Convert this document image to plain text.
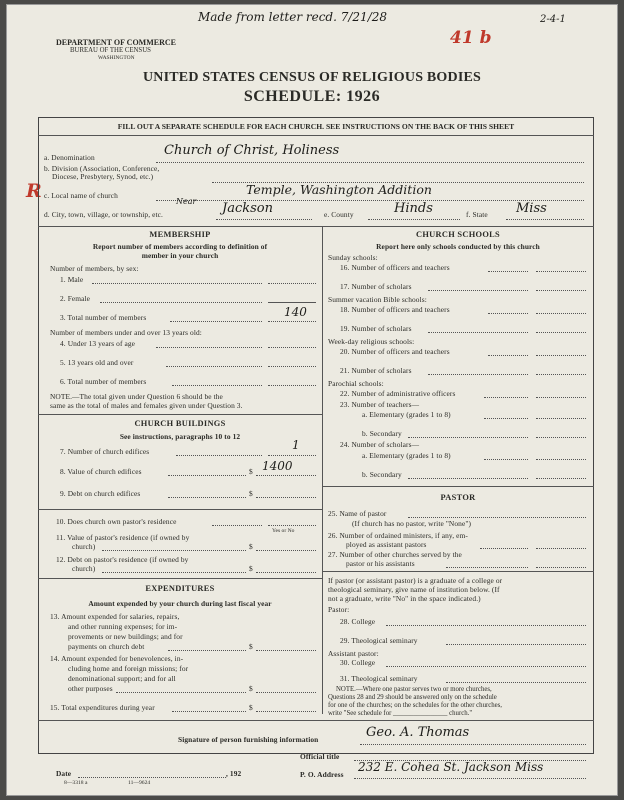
Made from letter recd. 7/21/28
41 b
2-4-1
R
DEPARTMENT OF COMMERCE
BUREAU OF THE CENSUS
WASHINGTON
UNITED STATES CENSUS OF RELIGIOUS BODIES
SCHEDULE: 1926
FILL OUT A SEPARATE SCHEDULE FOR EACH CHURCH. SEE INSTRUCTIONS ON THE BACK OF THIS SHEET
a. Denomination	Church of Christ, Holiness
b. Division (Association, Conference,
Diocese, Presbytery, Synod, etc.)
c. Local name of church	Temple, Washington Addition
d. City, town, village, or township, etc.
Near Jackson	e. County	Hinds	f. State Miss
MEMBERSHIP
Report number of members according to definition of
member in your church
Number of members, by sex:
1. Male
2. Female
3. Total number of members	140
Number of members under and over 13 years old:
4. Under 13 years of age
5. 13 years old and over
6. Total number of members
NOTE.—The total given under Question 6 should be the
same as the total of males and females given under Question 3.
CHURCH BUILDINGS
See instructions, paragraphs 10 to 12
7. Number of church edifices	1
8. Value of church edifices	$ 1400
9. Debt on church edifices	$
10. Does church own pastor's residence
Yes or No
11. Value of pastor's residence (if owned by
church)	$
12. Debt on pastor's residence (if owned by
church)	$
EXPENDITURES
Amount expended by your church during last fiscal year
13. Amount expended for salaries, repairs,
and other running expenses; for im-
provements or new buildings; and for
payments on church debt	$
14. Amount expended for benevolences, in-
cluding home and foreign missions; for
denominational support; and for all
other purposes	$
15. Total expenditures during year	$
CHURCH SCHOOLS
Report here only schools conducted by this church
Sunday schools:
16. Number of officers and teachers
17. Number of scholars
Summer vacation Bible schools:
18. Number of officers and teachers
19. Number of scholars
Week-day religious schools:
20. Number of officers and teachers
21. Number of scholars
Parochial schools:
22. Number of administrative officers
23. Number of teachers—
a. Elementary (grades 1 to 8)
b. Secondary
24. Number of scholars—
a. Elementary (grades 1 to 8)
b. Secondary
PASTOR
25. Name of pastor
(If church has no pastor, write "None")
26. Number of ordained ministers, if any, em-
ployed as assistant pastors
27. Number of other churches served by the
pastor or his assistants
If pastor (or assistant pastor) is a graduate of a college or
theological seminary, give name of institution below. (If
not a graduate, write "No" in the space indicated.)
Pastor:
28. College
29. Theological seminary
Assistant pastor:
30. College
31. Theological seminary
NOTE.—Where one pastor serves two or more churches,
Questions 28 and 29 should be answered only on the schedule
for one of the churches; on the schedules for the other churches,
write "See schedule for ________________ church."
Signature of person furnishing information	Geo. A. Thomas
Official title
Date	, 192	P. O. Address
232 E. Cohea St. Jackson Miss
8—3318 a	11—9624
